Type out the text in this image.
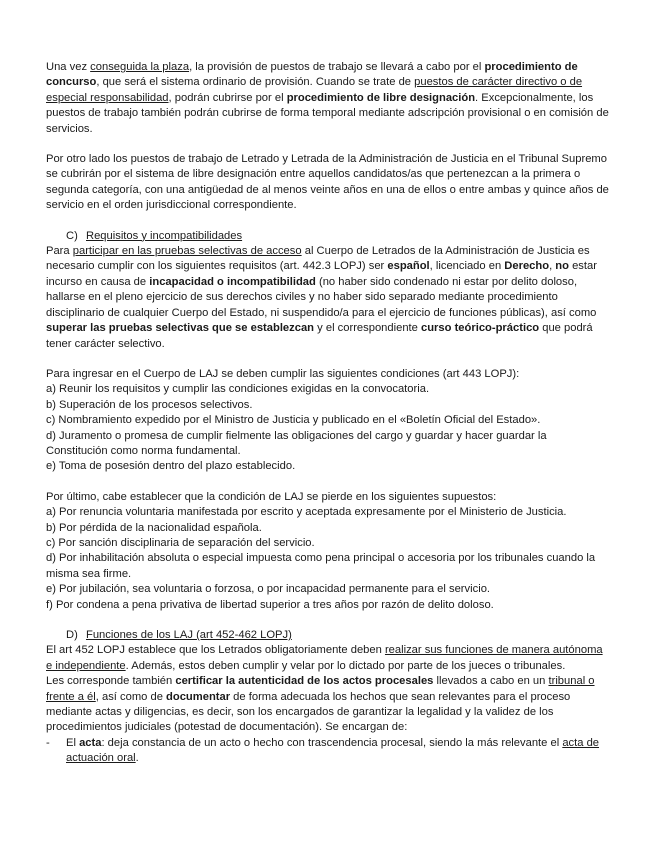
Una vez conseguida la plaza, la provisión de puestos de trabajo se llevará a cabo por el procedimiento de concurso, que será el sistema ordinario de provisión. Cuando se trate de puestos de carácter directivo o de especial responsabilidad, podrán cubrirse por el procedimiento de libre designación. Excepcionalmente, los puestos de trabajo también podrán cubrirse de forma temporal mediante adscripción provisional o en comisión de servicios.

Por otro lado los puestos de trabajo de Letrado y Letrada de la Administración de Justicia en el Tribunal Supremo se cubrirán por el sistema de libre designación entre aquellos candidatos/as que pertenezcan a la primera o segunda categoría, con una antigüedad de al menos veinte años en una de ellos o entre ambas y quince años de servicio en el orden jurisdiccional correspondiente.

C) Requisitos y incompatibilidades

Para participar en las pruebas selectivas de acceso al Cuerpo de Letrados de la Administración de Justicia es necesario cumplir con los siguientes requisitos (art. 442.3 LOPJ) ser español, licenciado en Derecho, no estar incurso en causa de incapacidad o incompatibilidad (no haber sido condenado ni estar por delito doloso, hallarse en el pleno ejercicio de sus derechos civiles y no haber sido separado mediante procedimiento disciplinario de cualquier Cuerpo del Estado, ni suspendido/a para el ejercicio de funciones públicas), así como superar las pruebas selectivas que se establezcan y el correspondiente curso teórico-práctico que podrá tener carácter selectivo.

Para ingresar en el Cuerpo de LAJ se deben cumplir las siguientes condiciones (art 443 LOPJ):

a) Reunir los requisitos y cumplir las condiciones exigidas en la convocatoria.

b) Superación de los procesos selectivos.

c) Nombramiento expedido por el Ministro de Justicia y publicado en el «Boletín Oficial del Estado».

d) Juramento o promesa de cumplir fielmente las obligaciones del cargo y guardar y hacer guardar la Constitución como norma fundamental.

e) Toma de posesión dentro del plazo establecido.

Por último, cabe establecer que la condición de LAJ se pierde en los siguientes supuestos:

a) Por renuncia voluntaria manifestada por escrito y aceptada expresamente por el Ministerio de Justicia.

b) Por pérdida de la nacionalidad española.

c) Por sanción disciplinaria de separación del servicio.

d) Por inhabilitación absoluta o especial impuesta como pena principal o accesoria por los tribunales cuando la misma sea firme.

e) Por jubilación, sea voluntaria o forzosa, o por incapacidad permanente para el servicio.

f) Por condena a pena privativa de libertad superior a tres años por razón de delito doloso.

D) Funciones de los LAJ (art 452-462 LOPJ)

El art 452 LOPJ establece que los Letrados obligatoriamente deben realizar sus funciones de manera autónoma e independiente. Además, estos deben cumplir y velar por lo dictado por parte de los jueces o tribunales.

Les corresponde también certificar la autenticidad de los actos procesales llevados a cabo en un tribunal o frente a él, así como de documentar de forma adecuada los hechos que sean relevantes para el proceso mediante actas y diligencias, es decir, son los encargados de garantizar la legalidad y la validez de los procedimientos judiciales (potestad de documentación). Se encargan de:

-	El acta: deja constancia de un acto o hecho con trascendencia procesal, siendo la más relevante el acta de actuación oral.
